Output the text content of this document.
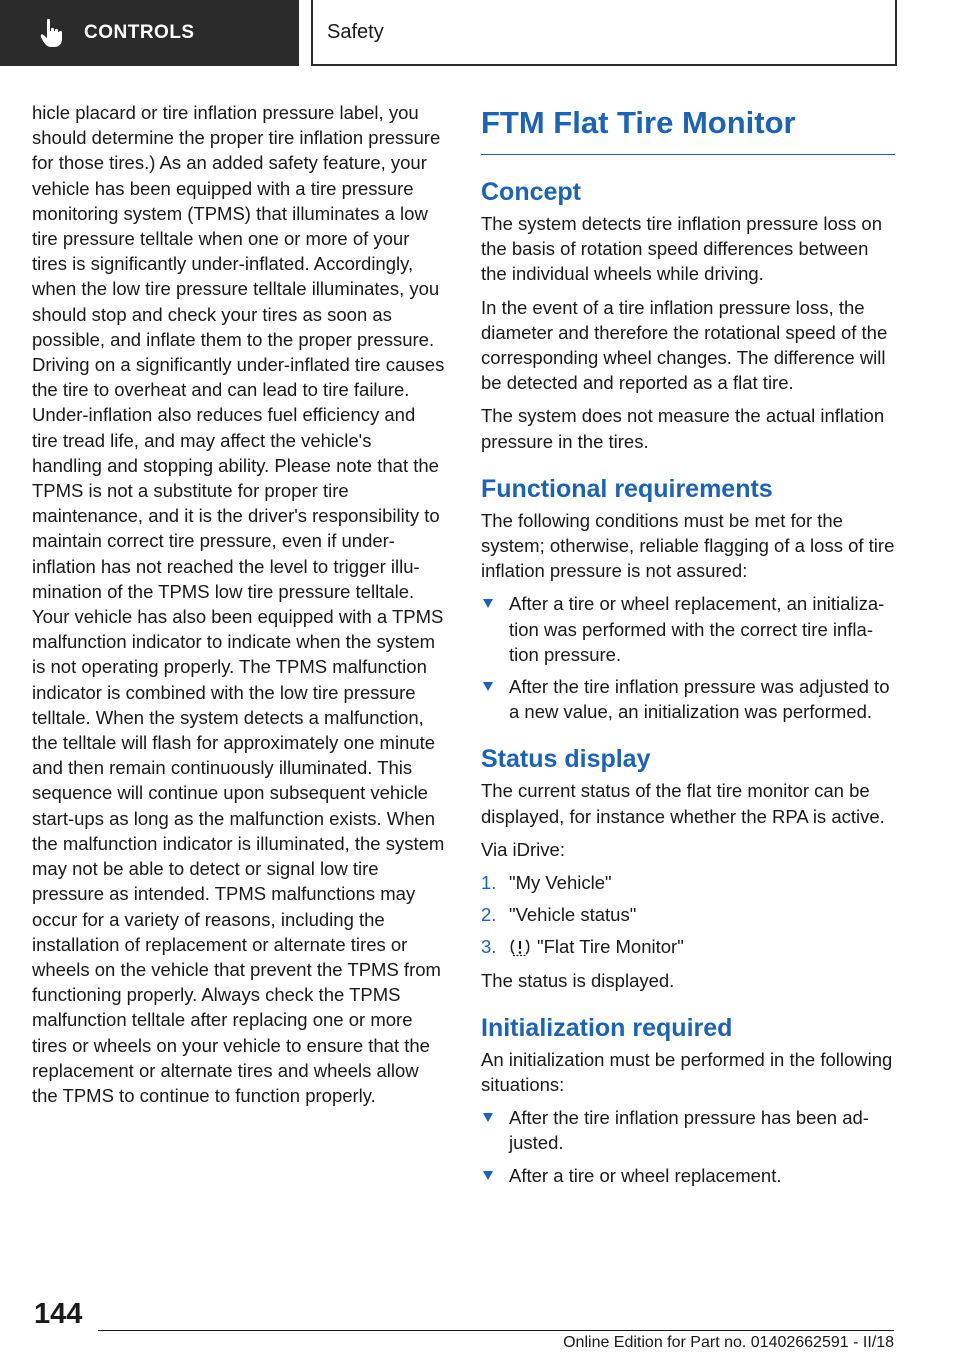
CONTROLS	Safety

hicle placard or tire inflation pressure label, you should determine the proper tire inflation pressure for those tires.) As an added safety feature, your vehicle has been equipped with a tire pressure monitoring system (TPMS) that illuminates a low tire pressure telltale when one or more of your tires is significantly under-inflated. Accordingly, when the low tire pressure telltale illuminates, you should stop and check your tires as soon as possible, and inflate them to the proper pressure. Driving on a significantly under-inflated tire causes the tire to overheat and can lead to tire failure. Under-inflation also reduces fuel efficiency and tire tread life, and may affect the vehicle's handling and stopping ability. Please note that the TPMS is not a substitute for proper tire maintenance, and it is the driver's responsibility to maintain correct tire pressure, even if under-inflation has not reached the level to trigger illumination of the TPMS low tire pressure telltale. Your vehicle has also been equipped with a TPMS malfunction indicator to indicate when the system is not operating properly. The TPMS malfunction indicator is combined with the low tire pressure telltale. When the system detects a malfunction, the telltale will flash for approximately one minute and then remain continuously illuminated. This sequence will continue upon subsequent vehicle start-ups as long as the malfunction exists. When the malfunction indicator is illuminated, the system may not be able to detect or signal low tire pressure as intended. TPMS malfunctions may occur for a variety of reasons, including the installation of replacement or alternate tires or wheels on the vehicle that prevent the TPMS from functioning properly. Always check the TPMS malfunction telltale after replacing one or more tires or wheels on your vehicle to ensure that the replacement or alternate tires and wheels allow the TPMS to continue to function properly.

FTM Flat Tire Monitor
Concept

The system detects tire inflation pressure loss on the basis of rotation speed differences between the individual wheels while driving.

In the event of a tire inflation pressure loss, the diameter and therefore the rotational speed of the corresponding wheel changes. The difference will be detected and reported as a flat tire.

The system does not measure the actual inflation pressure in the tires.

Functional requirements

The following conditions must be met for the system; otherwise, reliable flagging of a loss of tire inflation pressure is not assured:

After a tire or wheel replacement, an initialization was performed with the correct tire inflation pressure.
After the tire inflation pressure was adjusted to a new value, an initialization was performed.
Status display

The current status of the flat tire monitor can be displayed, for instance whether the RPA is active.

Via iDrive:

1. "My Vehicle"
2. "Vehicle status"
3. "Flat Tire Monitor"

The status is displayed.

Initialization required

An initialization must be performed in the following situations:

After the tire inflation pressure has been adjusted.
After a tire or wheel replacement.
144
Online Edition for Part no. 01402662591 - II/18
